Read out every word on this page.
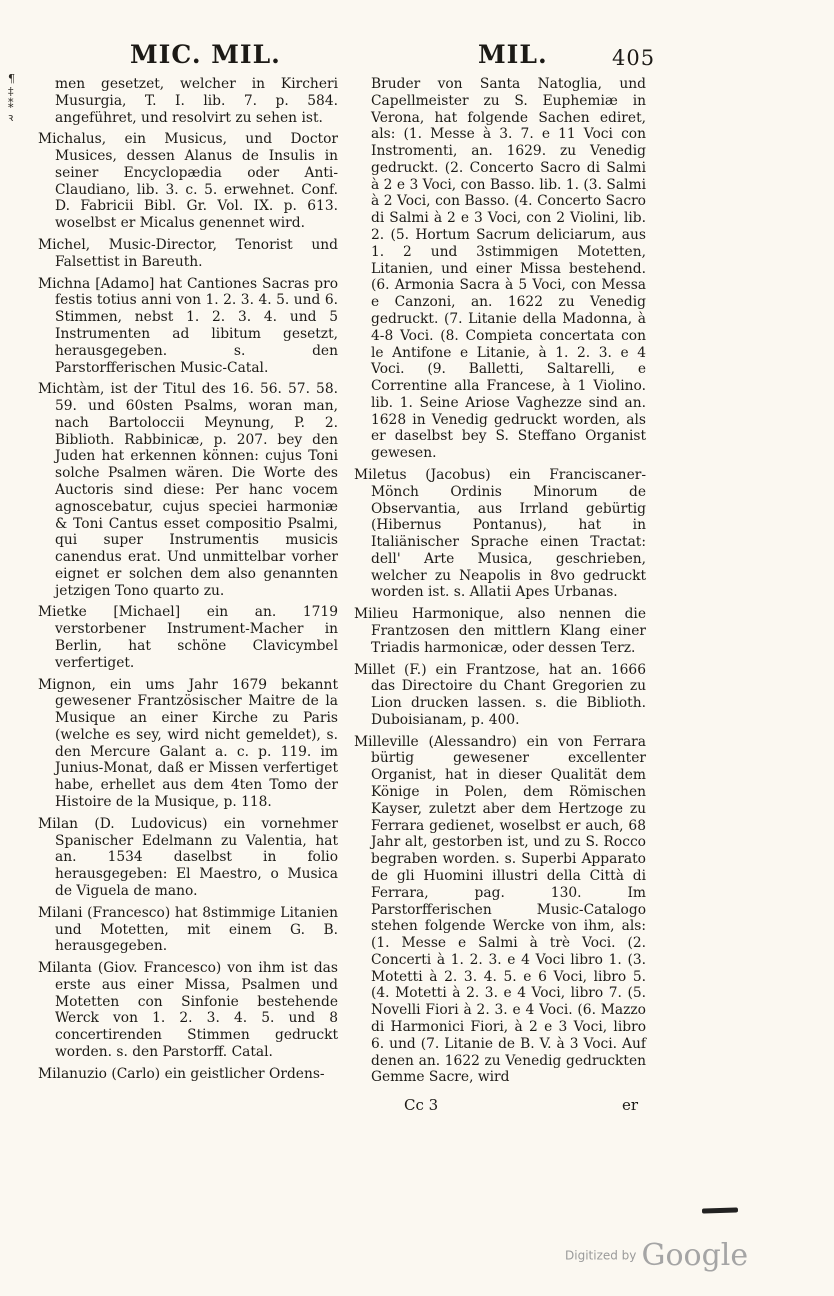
¶
‡
⁑
ꝛ
MIC. MIL.	MIL.	405

men gesetzet, welcher in Kircheri Musurgia, T. I. lib. 7. p. 584. angeführet, und resolvirt zu sehen ist.

Michalus, ein Musicus, und Doctor Musices, dessen Alanus de Insulis in seiner Encyclopædia oder Anti-Claudiano, lib. 3. c. 5. erwehnet. Conf. D. Fabricii Bibl. Gr. Vol. IX. p. 613. woselbst er Micalus genennet wird.

Michel, Music-Director, Tenorist und Falsettist in Bareuth.

Michna [Adamo] hat Cantiones Sacras pro festis totius anni von 1. 2. 3. 4. 5. und 6. Stimmen, nebst 1. 2. 3. 4. und 5 Instrumenten ad libitum gesetzt, herausgegeben. s. den Parstorfferischen Music-Catal.

Michtàm, ist der Titul des 16. 56. 57. 58. 59. und 60sten Psalms, woran man, nach Bartoloccii Meynung, P. 2. Biblioth. Rabbinicæ, p. 207. bey den Juden hat erkennen können: cujus Toni solche Psalmen wären. Die Worte des Auctoris sind diese: Per hanc vocem agnoscebatur, cujus speciei harmoniæ & Toni Cantus esset compositio Psalmi, qui super Instrumentis musicis canendus erat. Und unmittelbar vorher eignet er solchen dem also genannten jetzigen Tono quarto zu.

Mietke [Michael] ein an. 1719 verstorbener Instrument-Macher in Berlin, hat schöne Clavicymbel verfertiget.

Mignon, ein ums Jahr 1679 bekannt gewesener Frantzösischer Maitre de la Musique an einer Kirche zu Paris (welche es sey, wird nicht gemeldet), s. den Mercure Galant a. c. p. 119. im Junius-Monat, daß er Missen verfertiget habe, erhellet aus dem 4ten Tomo der Histoire de la Musique, p. 118.

Milan (D. Ludovicus) ein vornehmer Spanischer Edelmann zu Valentia, hat an. 1534 daselbst in folio herausgegeben: El Maestro, o Musica de Viguela de mano.

Milani (Francesco) hat 8stimmige Litanien und Motetten, mit einem G. B. herausgegeben.

Milanta (Giov. Francesco) von ihm ist das erste aus einer Missa, Psalmen und Motetten con Sinfonie bestehende Werck von 1. 2. 3. 4. 5. und 8 concertirenden Stimmen gedruckt worden. s. den Parstorff. Catal.

Milanuzio (Carlo) ein geistlicher Ordens-

Bruder von Santa Natoglia, und Capellmeister zu S. Euphemiæ in Verona, hat folgende Sachen ediret, als: (1. Messe à 3. 7. e 11 Voci con Instromenti, an. 1629. zu Venedig gedruckt. (2. Concerto Sacro di Salmi à 2 e 3 Voci, con Basso. lib. 1. (3. Salmi à 2 Voci, con Basso. (4. Concerto Sacro di Salmi à 2 e 3 Voci, con 2 Violini, lib. 2. (5. Hortum Sacrum deliciarum, aus 1. 2 und 3stimmigen Motetten, Litanien, und einer Missa bestehend. (6. Armonia Sacra à 5 Voci, con Messa e Canzoni, an. 1622 zu Venedig gedruckt. (7. Litanie della Madonna, à 4-8 Voci. (8. Compieta concertata con le Antifone e Litanie, à 1. 2. 3. e 4 Voci. (9. Balletti, Saltarelli, e Correntine alla Francese, à 1 Violino. lib. 1. Seine Ariose Vaghezze sind an. 1628 in Venedig gedruckt worden, als er daselbst bey S. Steffano Organist gewesen.

Miletus (Jacobus) ein Franciscaner-Mönch Ordinis Minorum de Observantia, aus Irrland gebürtig (Hibernus Pontanus), hat in Italiänischer Sprache einen Tractat: dell' Arte Musica, geschrieben, welcher zu Neapolis in 8vo gedruckt worden ist. s. Allatii Apes Urbanas.

Milieu Harmonique, also nennen die Frantzosen den mittlern Klang einer Triadis harmonicæ, oder dessen Terz.

Millet (F.) ein Frantzose, hat an. 1666 das Directoire du Chant Gregorien zu Lion drucken lassen. s. die Biblioth. Duboisianam, p. 400.

Milleville (Alessandro) ein von Ferrara bürtig gewesener excellenter Organist, hat in dieser Qualität dem Könige in Polen, dem Römischen Kayser, zuletzt aber dem Hertzoge zu Ferrara gedienet, woselbst er auch, 68 Jahr alt, gestorben ist, und zu S. Rocco begraben worden. s. Superbi Apparato de gli Huomini illustri della Città di Ferrara, pag. 130. Im Parstorfferischen Music-Catalogo stehen folgende Wercke von ihm, als: (1. Messe e Salmi à trè Voci. (2. Concerti à 1. 2. 3. e 4 Voci libro 1. (3. Motetti à 2. 3. 4. 5. e 6 Voci, libro 5. (4. Motetti à 2. 3. e 4 Voci, libro 7. (5. Novelli Fiori à 2. 3. e 4 Voci. (6. Mazzo di Harmonici Fiori, à 2 e 3 Voci, libro 6. und (7. Litanie de B. V. à 3 Voci. Auf denen an. 1622 zu Venedig gedruckten Gemme Sacre, wird

Cc 3	er
Digitized by Google
